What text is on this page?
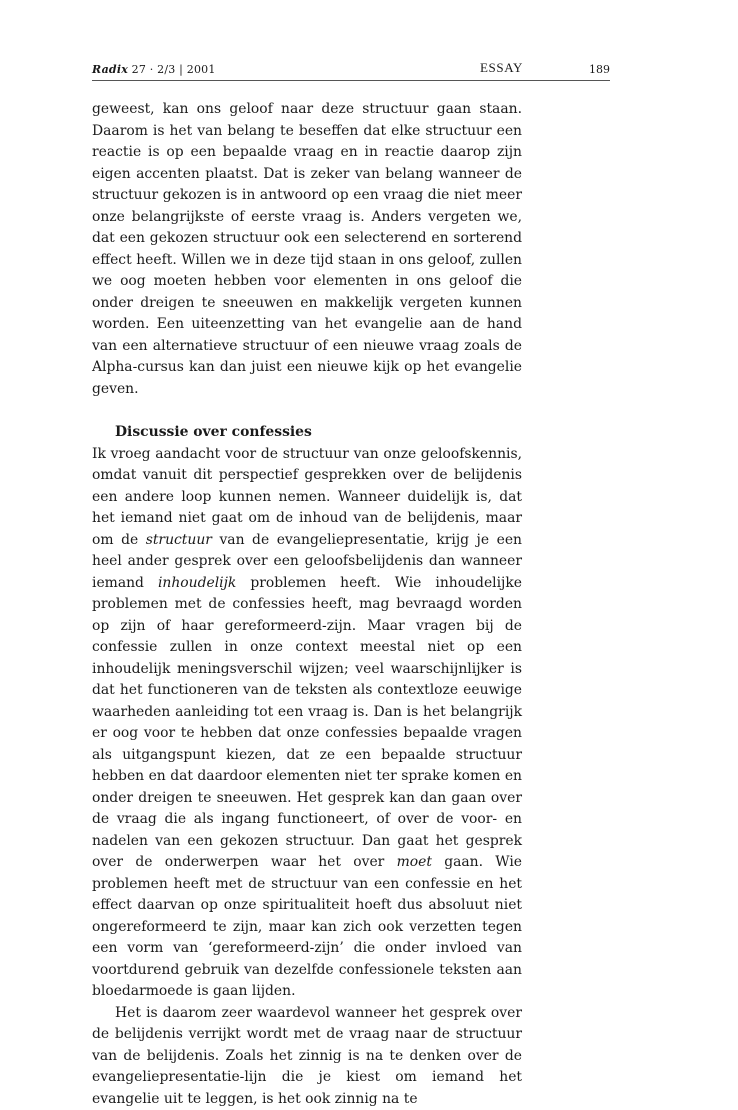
Radix 27 · 2/3 | 2001	ESSAY	189

geweest, kan ons geloof naar deze structuur gaan staan. Daarom is het van belang te beseffen dat elke structuur een reactie is op een bepaalde vraag en in reactie daarop zijn eigen accenten plaatst. Dat is zeker van belang wanneer de structuur gekozen is in antwoord op een vraag die niet meer onze belangrijkste of eerste vraag is. Anders vergeten we, dat een gekozen structuur ook een selecterend en sorterend effect heeft. Willen we in deze tijd staan in ons geloof, zullen we oog moeten hebben voor elementen in ons geloof die onder dreigen te sneeuwen en makkelijk vergeten kunnen worden. Een uiteenzetting van het evangelie aan de hand van een alternatieve structuur of een nieuwe vraag zoals de Alpha-cursus kan dan juist een nieuwe kijk op het evangelie geven.

Discussie over confessies

Ik vroeg aandacht voor de structuur van onze geloofskennis, omdat vanuit dit perspectief gesprekken over de belijdenis een andere loop kunnen nemen. Wanneer duidelijk is, dat het iemand niet gaat om de inhoud van de belijdenis, maar om de structuur van de evangeliepresentatie, krijg je een heel ander gesprek over een geloofsbelijdenis dan wanneer iemand inhoudelijk problemen heeft. Wie inhoudelijke problemen met de confessies heeft, mag bevraagd worden op zijn of haar gereformeerd-zijn. Maar vragen bij de confessie zullen in onze context meestal niet op een inhoudelijk meningsverschil wijzen; veel waarschijnlijker is dat het functioneren van de teksten als contextloze eeuwige waarheden aanleiding tot een vraag is. Dan is het belangrijk er oog voor te hebben dat onze confessies bepaalde vragen als uitgangspunt kiezen, dat ze een bepaalde structuur hebben en dat daardoor elementen niet ter sprake komen en onder dreigen te sneeuwen. Het gesprek kan dan gaan over de vraag die als ingang functioneert, of over de voor- en nadelen van een gekozen structuur. Dan gaat het gesprek over de onderwerpen waar het over moet gaan. Wie problemen heeft met de structuur van een confessie en het effect daarvan op onze spiritualiteit hoeft dus absoluut niet ongereformeerd te zijn, maar kan zich ook verzetten tegen een vorm van ‘gereformeerd-zijn’ die onder invloed van voortdurend gebruik van dezelfde confessionele teksten aan bloedarmoede is gaan lijden.

Het is daarom zeer waardevol wanneer het gesprek over de belijdenis verrijkt wordt met de vraag naar de structuur van de belijdenis. Zoals het zinnig is na te denken over de evangeliepresentatie-lijn die je kiest om iemand het evangelie uit te leggen, is het ook zinnig na te
